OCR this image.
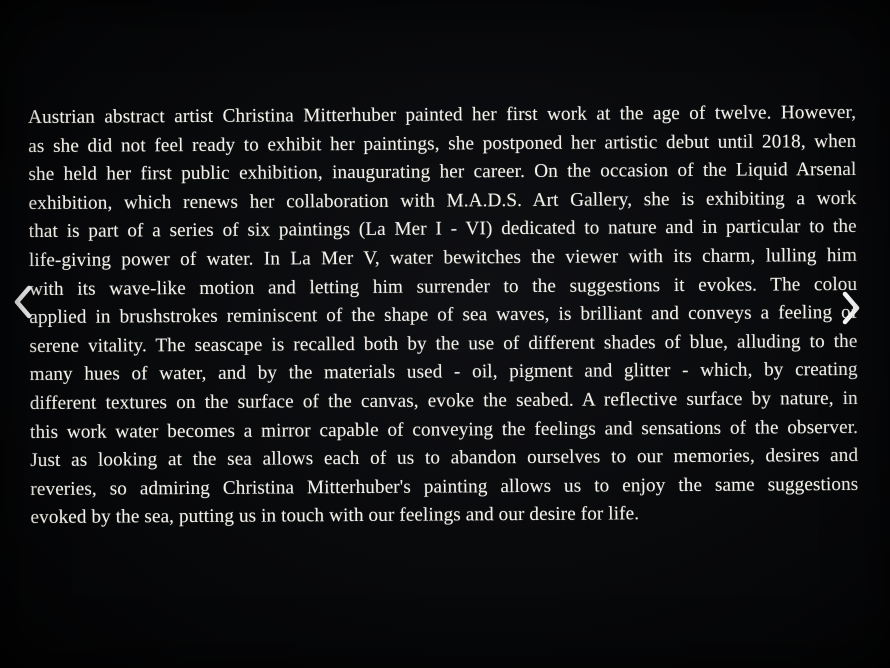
Austrian abstract artist Christina Mitterhuber painted her first work at the age of twelve. However,
as she did not feel ready to exhibit her paintings, she postponed her artistic debut until 2018, when
she held her first public exhibition, inaugurating her career. On the occasion of the Liquid Arsenal
exhibition, which renews her collaboration with M.A.D.S. Art Gallery, she is exhibiting a work
that is part of a series of six paintings (La Mer I - VI) dedicated to nature and in particular to the
life-giving power of water. In La Mer V, water bewitches the viewer with its charm, lulling him
with its wave-like motion and letting him surrender to the suggestions it evokes. The colou
applied in brushstrokes reminiscent of the shape of sea waves, is brilliant and conveys a feeling of
serene vitality. The seascape is recalled both by the use of different shades of blue, alluding to the
many hues of water, and by the materials used - oil, pigment and glitter - which, by creating
different textures on the surface of the canvas, evoke the seabed. A reflective surface by nature, in
this work water becomes a mirror capable of conveying the feelings and sensations of the observer.
Just as looking at the sea allows each of us to abandon ourselves to our memories, desires and
reveries, so admiring Christina Mitterhuber's painting allows us to enjoy the same suggestions
evoked by the sea, putting us in touch with our feelings and our desire for life.
